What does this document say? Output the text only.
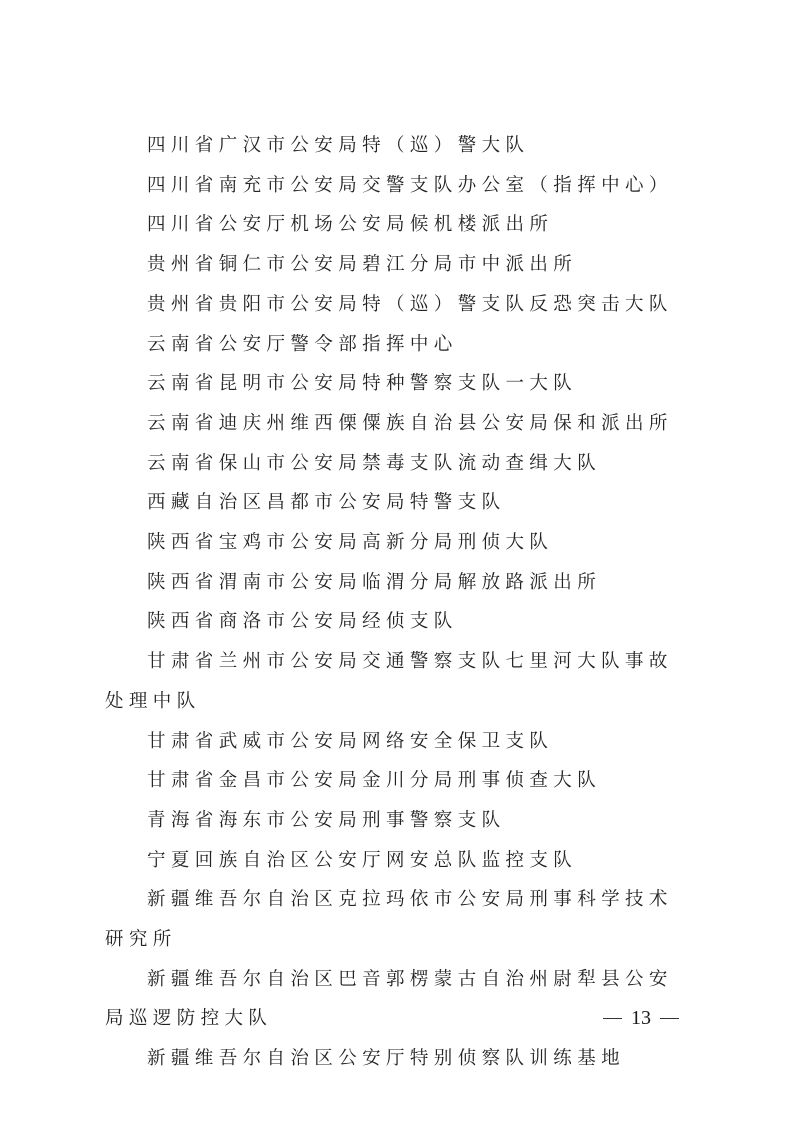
四川省广汉市公安局特（巡）警大队

四川省南充市公安局交警支队办公室（指挥中心）

四川省公安厅机场公安局候机楼派出所

贵州省铜仁市公安局碧江分局市中派出所

贵州省贵阳市公安局特（巡）警支队反恐突击大队

云南省公安厅警令部指挥中心

云南省昆明市公安局特种警察支队一大队

云南省迪庆州维西傈僳族自治县公安局保和派出所

云南省保山市公安局禁毒支队流动查缉大队

西藏自治区昌都市公安局特警支队

陕西省宝鸡市公安局高新分局刑侦大队

陕西省渭南市公安局临渭分局解放路派出所

陕西省商洛市公安局经侦支队

甘肃省兰州市公安局交通警察支队七里河大队事故处理中队

甘肃省武威市公安局网络安全保卫支队

甘肃省金昌市公安局金川分局刑事侦查大队

青海省海东市公安局刑事警察支队

宁夏回族自治区公安厅网安总队监控支队

新疆维吾尔自治区克拉玛依市公安局刑事科学技术研究所

新疆维吾尔自治区巴音郭楞蒙古自治州尉犁县公安局巡逻防控大队

新疆维吾尔自治区公安厅特别侦察队训练基地

13
